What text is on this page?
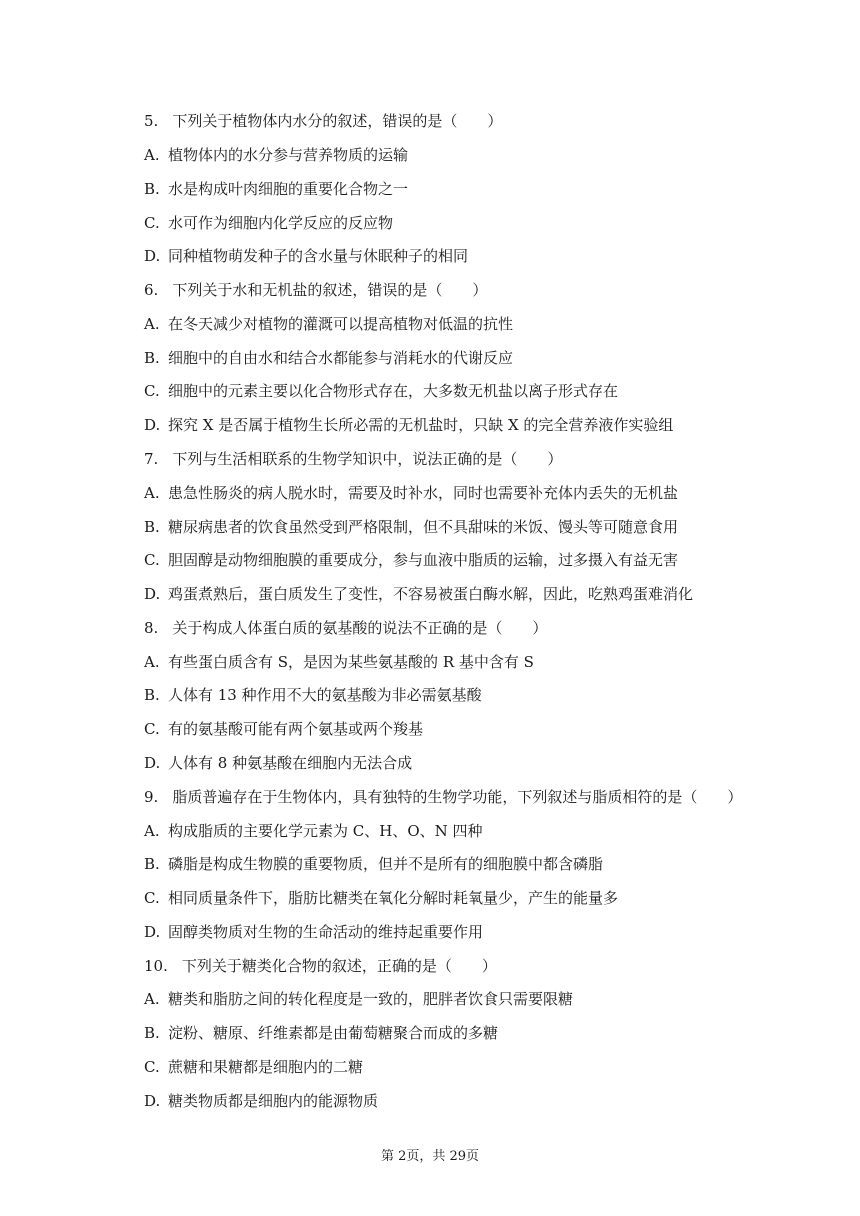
5. 下列关于植物体内水分的叙述，错误的是（　　）
A. 植物体内的水分参与营养物质的运输
B. 水是构成叶肉细胞的重要化合物之一
C. 水可作为细胞内化学反应的反应物
D. 同种植物萌发种子的含水量与休眠种子的相同
6. 下列关于水和无机盐的叙述，错误的是（　　）
A. 在冬天减少对植物的灌溉可以提高植物对低温的抗性
B. 细胞中的自由水和结合水都能参与消耗水的代谢反应
C. 细胞中的元素主要以化合物形式存在，大多数无机盐以离子形式存在
D. 探究 X 是否属于植物生长所必需的无机盐时，只缺 X 的完全营养液作实验组
7. 下列与生活相联系的生物学知识中，说法正确的是（　　）
A. 患急性肠炎的病人脱水时，需要及时补水，同时也需要补充体内丢失的无机盐
B. 糖尿病患者的饮食虽然受到严格限制，但不具甜味的米饭、馒头等可随意食用
C. 胆固醇是动物细胞膜的重要成分，参与血液中脂质的运输，过多摄入有益无害
D. 鸡蛋煮熟后，蛋白质发生了变性，不容易被蛋白酶水解，因此，吃熟鸡蛋难消化
8. 关于构成人体蛋白质的氨基酸的说法不正确的是（　　）
A. 有些蛋白质含有 S，是因为某些氨基酸的 R 基中含有 S
B. 人体有 13 种作用不大的氨基酸为非必需氨基酸
C. 有的氨基酸可能有两个氨基或两个羧基
D. 人体有 8 种氨基酸在细胞内无法合成
9. 脂质普遍存在于生物体内，具有独特的生物学功能，下列叙述与脂质相符的是（　　）
A. 构成脂质的主要化学元素为 C、H、O、N 四种
B. 磷脂是构成生物膜的重要物质，但并不是所有的细胞膜中都含磷脂
C. 相同质量条件下，脂肪比糖类在氧化分解时耗氧量少，产生的能量多
D. 固醇类物质对生物的生命活动的维持起重要作用
10. 下列关于糖类化合物的叙述，正确的是（　　）
A. 糖类和脂肪之间的转化程度是一致的，肥胖者饮食只需要限糖
B. 淀粉、糖原、纤维素都是由葡萄糖聚合而成的多糖
C. 蔗糖和果糖都是细胞内的二糖
D. 糖类物质都是细胞内的能源物质
第 2页，共 29页
